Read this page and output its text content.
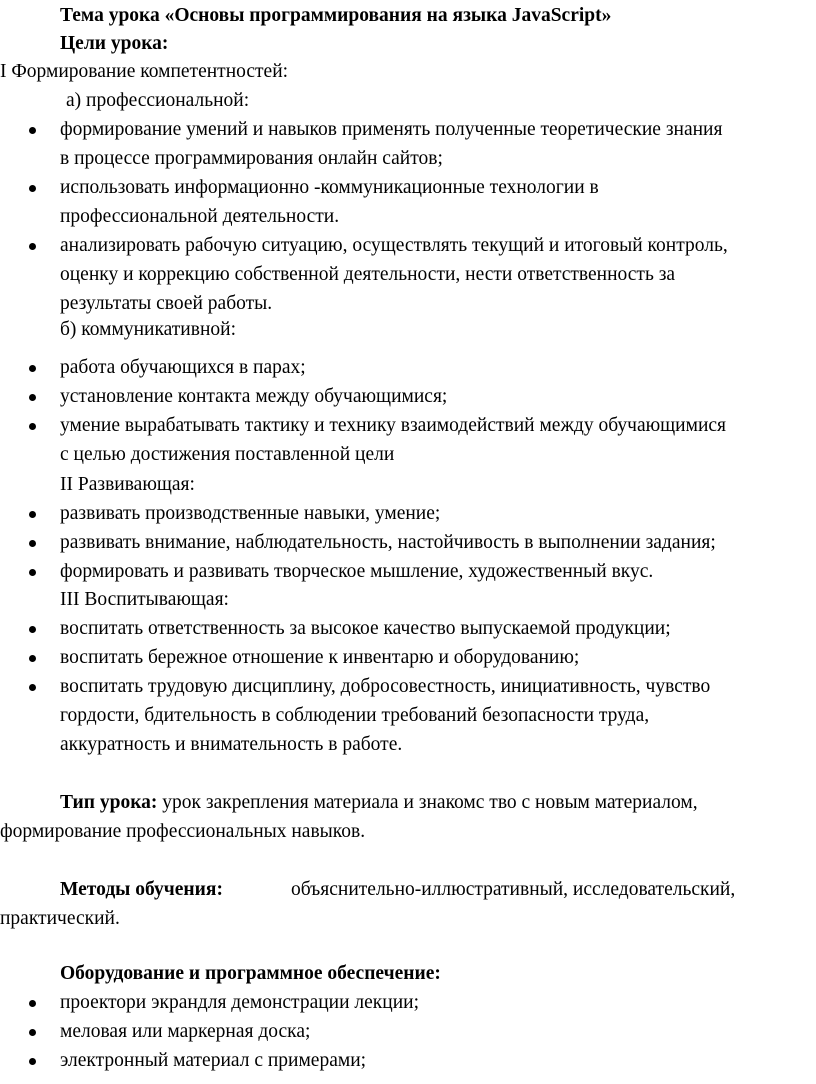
Тема урока «Основы программирования на языка JavaScript»
Цели урока:
I Формирование компетентностей:
а) профессиональной:
формирование умений и навыков применять полученные теоретические знания
в процессе программирования онлайн сайтов;
использовать информационно -коммуникационные технологии в
профессиональной деятельности.
анализировать рабочую ситуацию, осуществлять текущий и итоговый контроль,
оценку и коррекцию собственной деятельности, нести ответственность за
результаты своей работы.
б) коммуникативной:
работа обучающихся в парах;
установление контакта между обучающимися;
умение вырабатывать тактику и технику взаимодействий между обучающимися
с целью достижения поставленной цели
II Развивающая:
развивать производственные навыки, умение;
развивать внимание, наблюдательность, настойчивость в выполнении задания;
формировать и развивать творческое мышление, художественный вкус.
III Воспитывающая:
воспитать ответственность за высокое качество выпускаемой продукции;
воспитать бережное отношение к инвентарю и оборудованию;
воспитать трудовую дисциплину, добросовестность, инициативность, чувство
гордости, бдительность в соблюдении требований безопасности труда,
аккуратность и внимательность в работе.
Тип урока: урок закрепления материала и знакомс тво с новым материалом,
формирование профессиональных навыков.
Методы обучения:	объяснительно-иллюстративный, исследовательский,
практический.
Оборудование и программное обеспечение:
проектори экрандля демонстрации лекции;
меловая или маркерная доска;
электронный материал с примерами;
